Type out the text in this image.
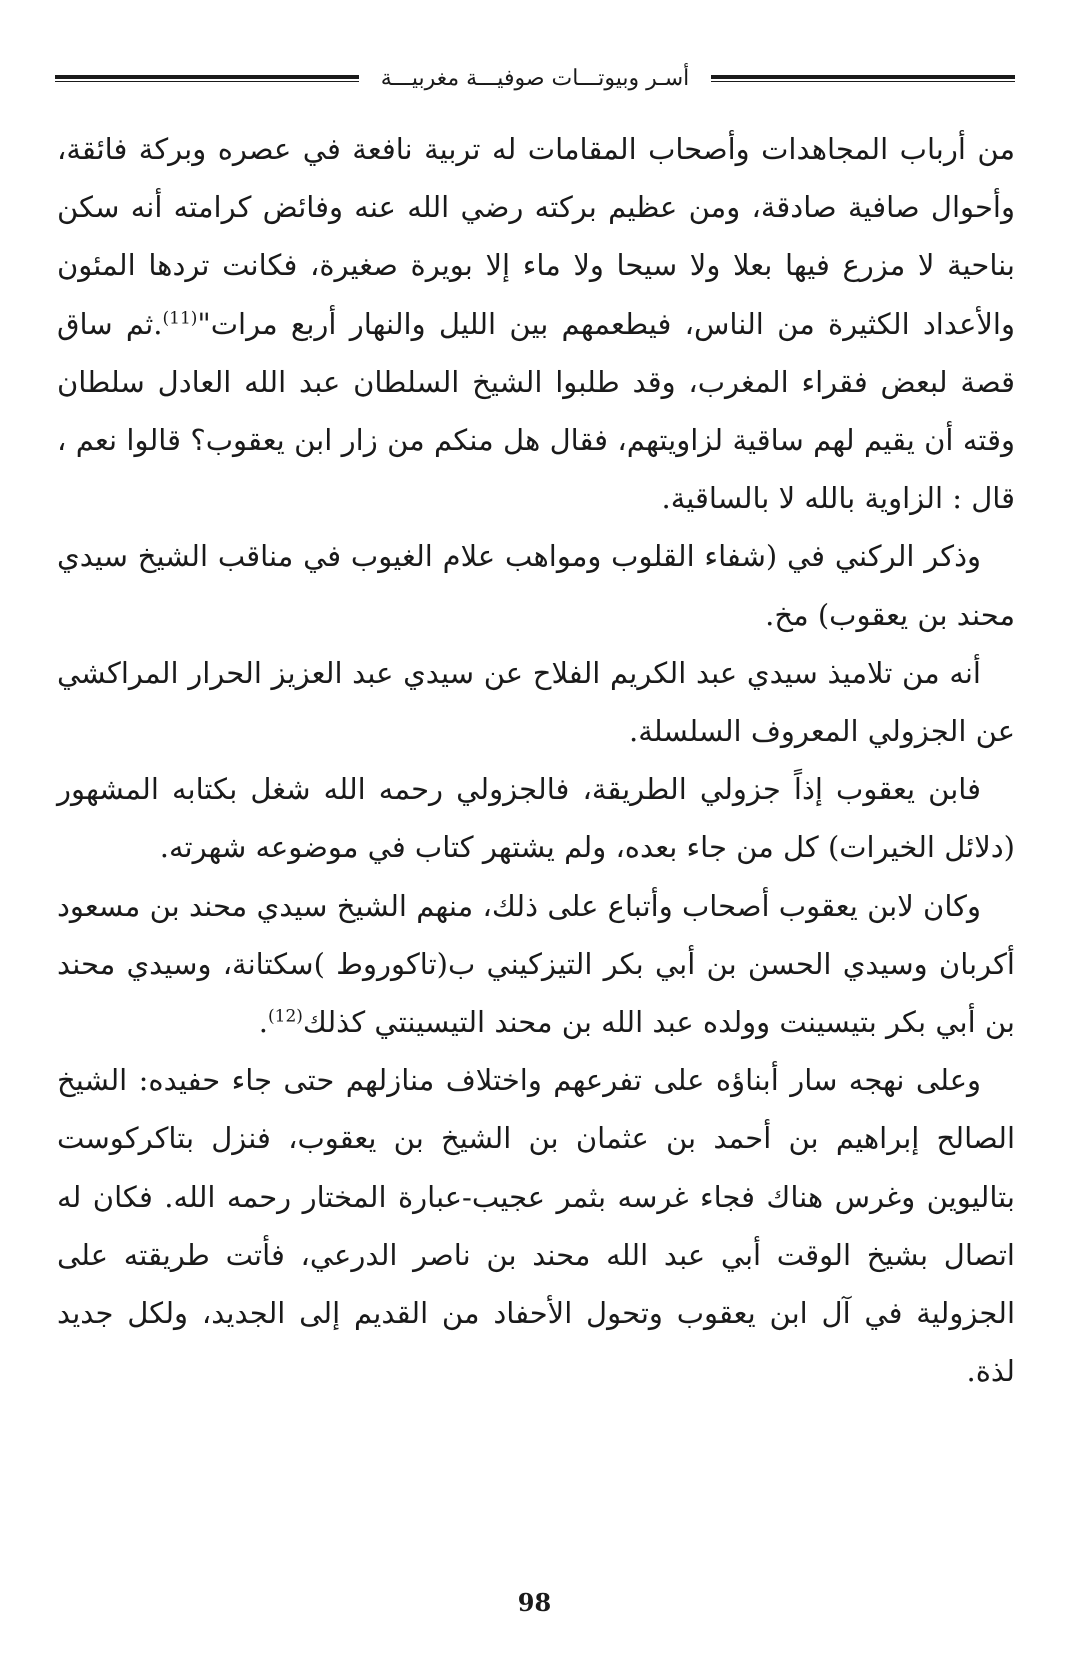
أسـر وبيوتـــات صوفيـــة مغربيـــة

من أرباب المجاهدات وأصحاب المقامات له تربية نافعة في عصره وبركة فائقة، وأحوال صافية صادقة، ومن عظيم بركته رضي الله عنه وفائض كرامته أنه سكن بناحية لا مزرع فيها بعلا ولا سيحا ولا ماء إلا بويرة صغيرة، فكانت تردها المئون والأعداد الكثيرة من الناس، فيطعمهم بين الليل والنهار أربع مرات"$^{(11)}$.ثم ساق قصة لبعض فقراء المغرب، وقد طلبوا الشيخ السلطان عبد الله العادل سلطان وقته أن يقيم لهم ساقية لزاويتهم، فقال هل منكم من زار ابن يعقوب؟ قالوا نعم ، قال : الزاوية بالله لا بالساقية.

وذكر الركني في (شفاء القلوب ومواهب علام الغيوب في مناقب الشيخ سيدي محند بن يعقوب) مخ.

أنه من تلاميذ سيدي عبد الكريم الفلاح عن سيدي عبد العزيز الحرار المراكشي عن الجزولي المعروف السلسلة.

فابن يعقوب إذاً جزولي الطريقة، فالجزولي رحمه الله شغل بكتابه المشهور (دلائل الخيرات) كل من جاء بعده، ولم يشتهر كتاب في موضوعه شهرته.

وكان لابن يعقوب أصحاب وأتباع على ذلك، منهم الشيخ سيدي محند بن مسعود أكربان وسيدي الحسن بن أبي بكر التيزكيني ب(تاكوروط )سكتانة، وسيدي محند بن أبي بكر بتيسينت وولده عبد الله بن محند التيسينتي كذلك$^{(12)}$.

وعلى نهجه سار أبناؤه على تفرعهم واختلاف منازلهم حتى جاء حفيده: الشيخ الصالح إبراهيم بن أحمد بن عثمان بن الشيخ بن يعقوب، فنزل بتاكركوست بتاليوين وغرس هناك فجاء غرسه بثمر عجيب-عبارة المختار رحمه الله. فكان له اتصال بشيخ الوقت أبي عبد الله محند بن ناصر الدرعي، فأتت طريقته على الجزولية في آل ابن يعقوب وتحول الأحفاد من القديم إلى الجديد، ولكل جديد لذة.

98
